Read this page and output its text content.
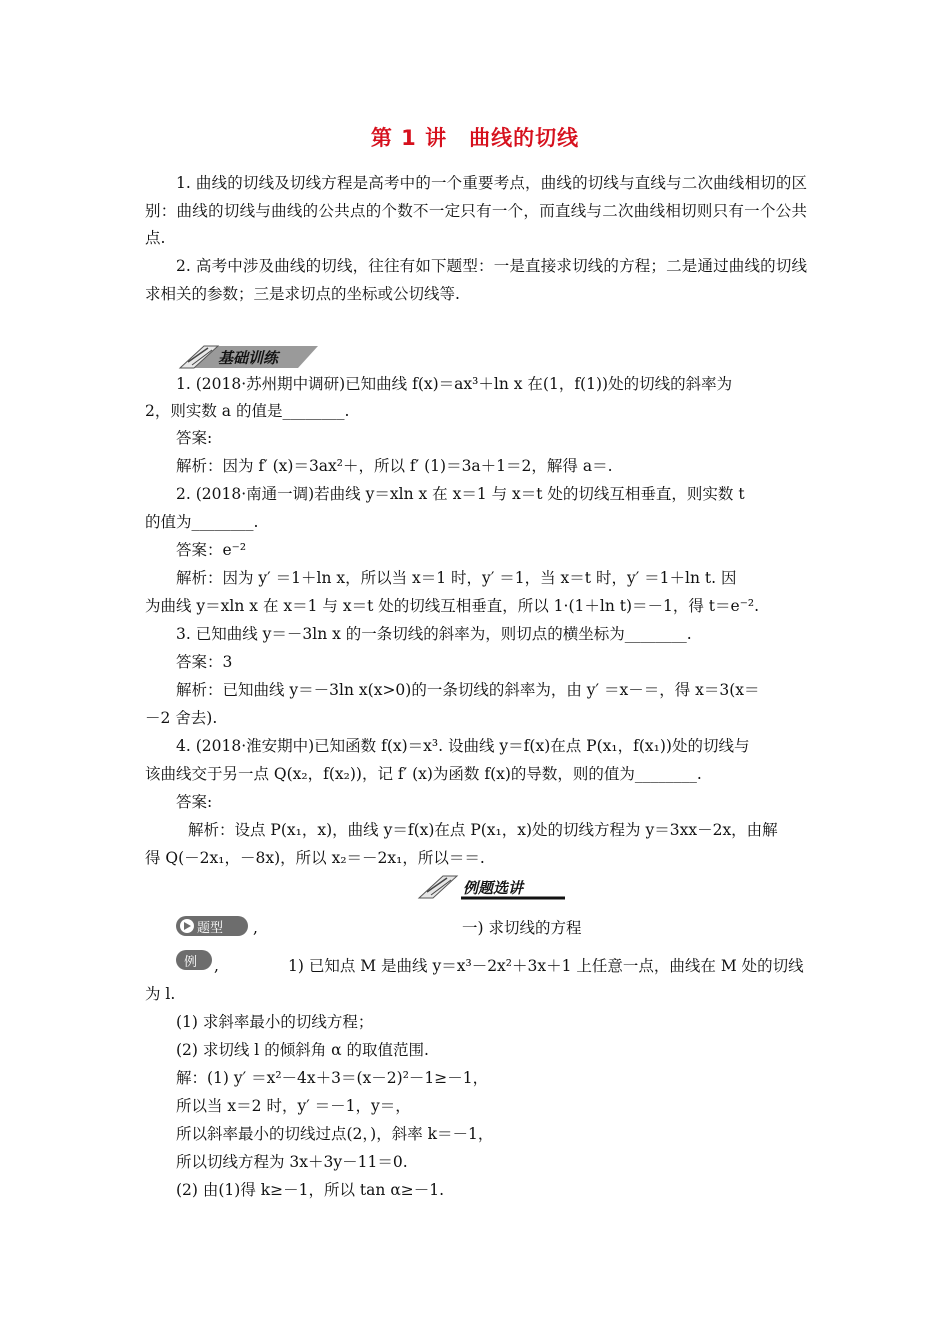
第 1 讲　曲线的切线
1. 曲线的切线及切线方程是高考中的一个重要考点，曲线的切线与直线与二次曲线相切的区别：曲线的切线与曲线的公共点的个数不一定只有一个，而直线与二次曲线相切则只有一个公共点.
2. 高考中涉及曲线的切线，往往有如下题型：一是直接求切线的方程；二是通过曲线的切线求相关的参数；三是求切点的坐标或公切线等.
基础训练
1. (2018·苏州期中调研)已知曲线 f(x)＝ax³＋ln x 在(1，f(1))处的切线的斜率为
2，则实数 a 的值是________.
答案:
解析：因为 f′ (x)＝3ax²＋，所以 f′ (1)＝3a＋1＝2，解得 a＝.
2. (2018·南通一调)若曲线 y＝xln x 在 x＝1 与 x＝t 处的切线互相垂直，则实数 t
的值为________.
答案：e⁻²
解析：因为 y′ ＝1＋ln x，所以当 x＝1 时，y′ ＝1，当 x＝t 时，y′ ＝1＋ln t. 因
为曲线 y＝xln x 在 x＝1 与 x＝t 处的切线互相垂直，所以 1·(1＋ln t)＝－1，得 t＝e⁻².
3. 已知曲线 y＝－3ln x 的一条切线的斜率为，则切点的横坐标为________.
答案：3
解析：已知曲线 y＝－3ln x(x>0)的一条切线的斜率为，由 y′ ＝x－＝，得 x＝3(x＝
－2 舍去).
4. (2018·淮安期中)已知函数 f(x)＝x³. 设曲线 y＝f(x)在点 P(x₁，f(x₁))处的切线与
该曲线交于另一点 Q(x₂，f(x₂))，记 f′ (x)为函数 f(x)的导数，则的值为________.
答案:
解析：设点 P(x₁，x)，曲线 y＝f(x)在点 P(x₁，x)处的切线方程为 y＝3xx－2x，由解
得 Q(－2x₁，－8x)，所以 x₂＝－2x₁，所以＝＝.
例题选讲
题型 ,	一) 求切线的方程
例 ,	1) 已知点 M 是曲线 y＝x³－2x²＋3x＋1 上任意一点，曲线在 M 处的切线
为 l.
(1) 求斜率最小的切线方程；
(2) 求切线 l 的倾斜角 α 的取值范围.
解：(1) y′ ＝x²－4x＋3＝(x－2)²－1≥－1，
所以当 x＝2 时，y′ ＝－1，y＝，
所以斜率最小的切线过点(2，)，斜率 k＝－1，
所以切线方程为 3x＋3y－11＝0.
(2) 由(1)得 k≥－1，所以 tan α≥－1.
